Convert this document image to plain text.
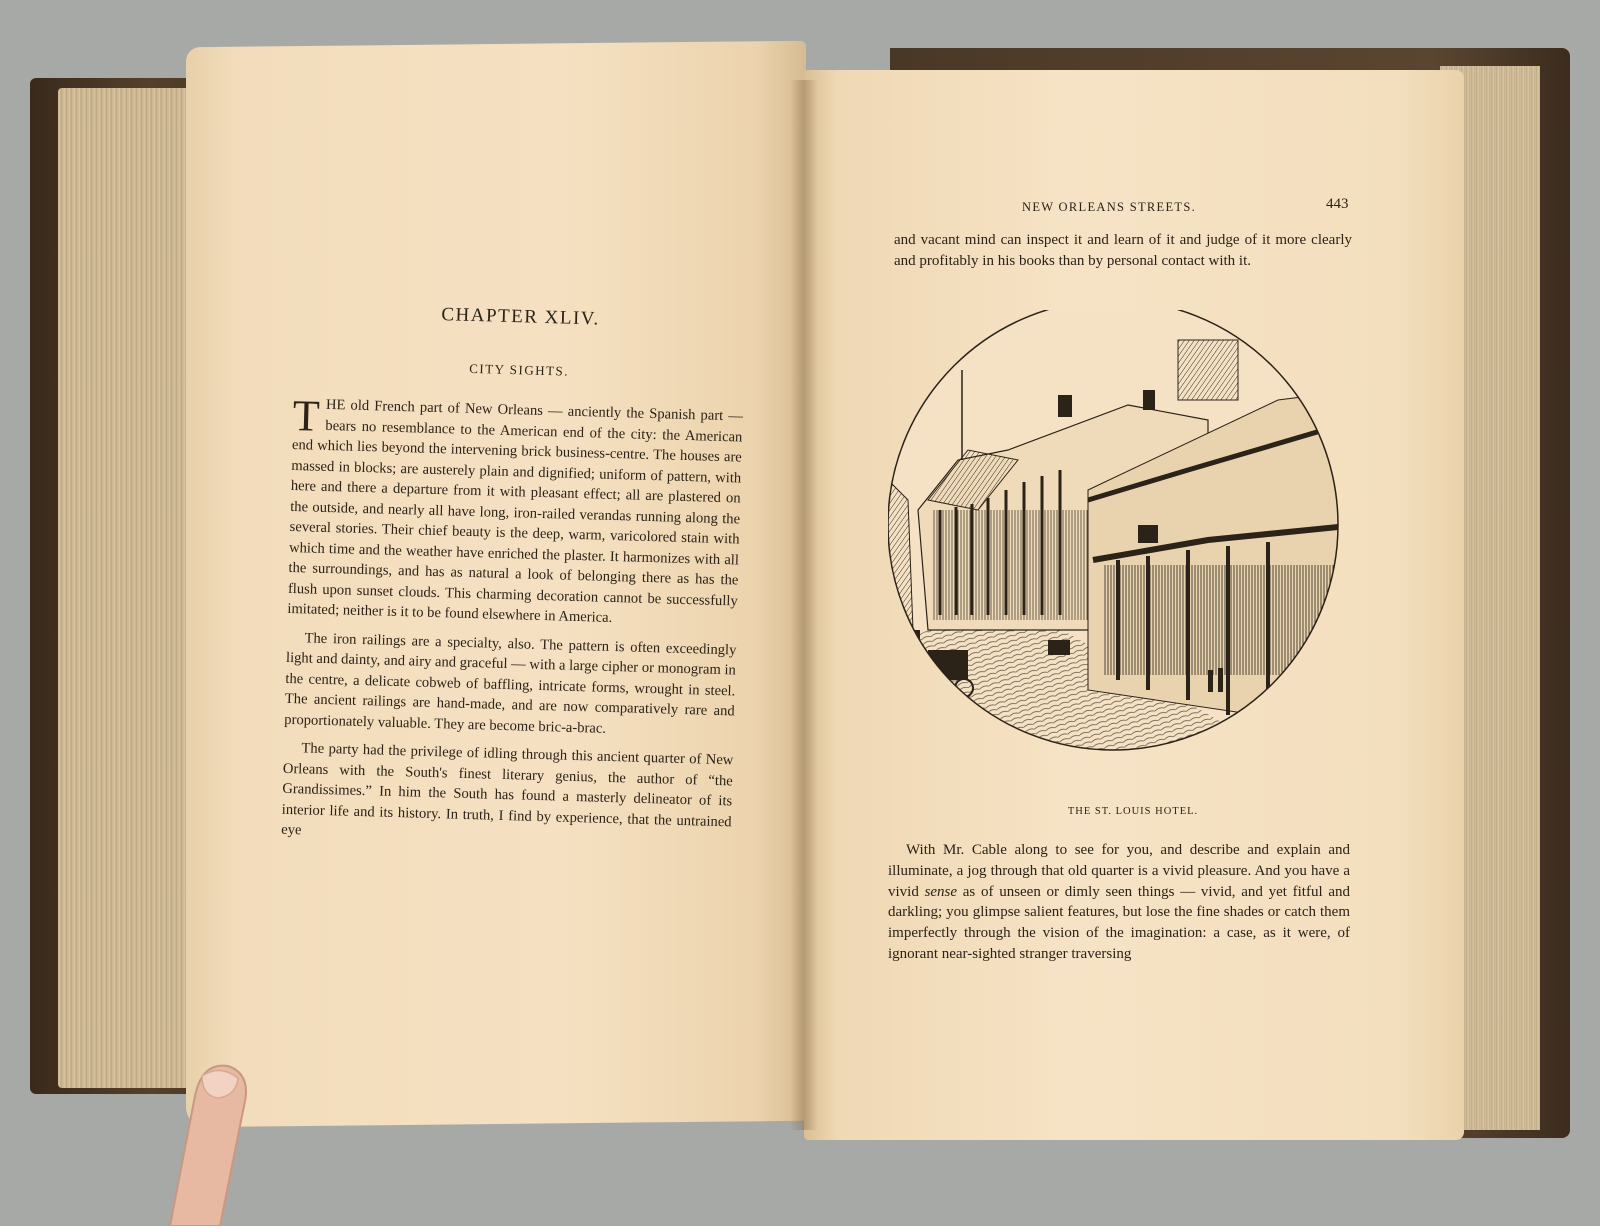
CHAPTER XLIV.
CITY SIGHTS.

THE old French part of New Orleans — anciently the Spanish part — bears no resemblance to the American end of the city: the American end which lies beyond the intervening brick business-centre. The houses are massed in blocks; are austerely plain and dignified; uniform of pattern, with here and there a departure from it with pleasant effect; all are plastered on the outside, and nearly all have long, iron-railed verandas running along the several stories. Their chief beauty is the deep, warm, varicolored stain with which time and the weather have enriched the plaster. It harmonizes with all the surroundings, and has as natural a look of belonging there as has the flush upon sunset clouds. This charming decoration cannot be successfully imitated; neither is it to be found elsewhere in America.

The iron railings are a specialty, also. The pattern is often exceedingly light and dainty, and airy and graceful — with a large cipher or monogram in the centre, a delicate cobweb of baffling, intricate forms, wrought in steel. The ancient railings are hand-made, and are now comparatively rare and proportionately valuable. They are become bric-a-brac.

The party had the privilege of idling through this ancient quarter of New Orleans with the South's finest literary genius, the author of “the Grandissimes.” In him the South has found a masterly delineator of its interior life and its history. In truth, I find by experience, that the untrained eye

NEW ORLEANS STREETS.	443

and vacant mind can inspect it and learn of it and judge of it more clearly and profitably in his books than by personal contact with it.

THE ST. LOUIS HOTEL.

With Mr. Cable along to see for you, and describe and explain and illuminate, a jog through that old quarter is a vivid pleasure. And you have a vivid sense as of unseen or dimly seen things — vivid, and yet fitful and darkling; you glimpse salient features, but lose the fine shades or catch them imperfectly through the vision of the imagination: a case, as it were, of ignorant near-sighted stranger traversing
